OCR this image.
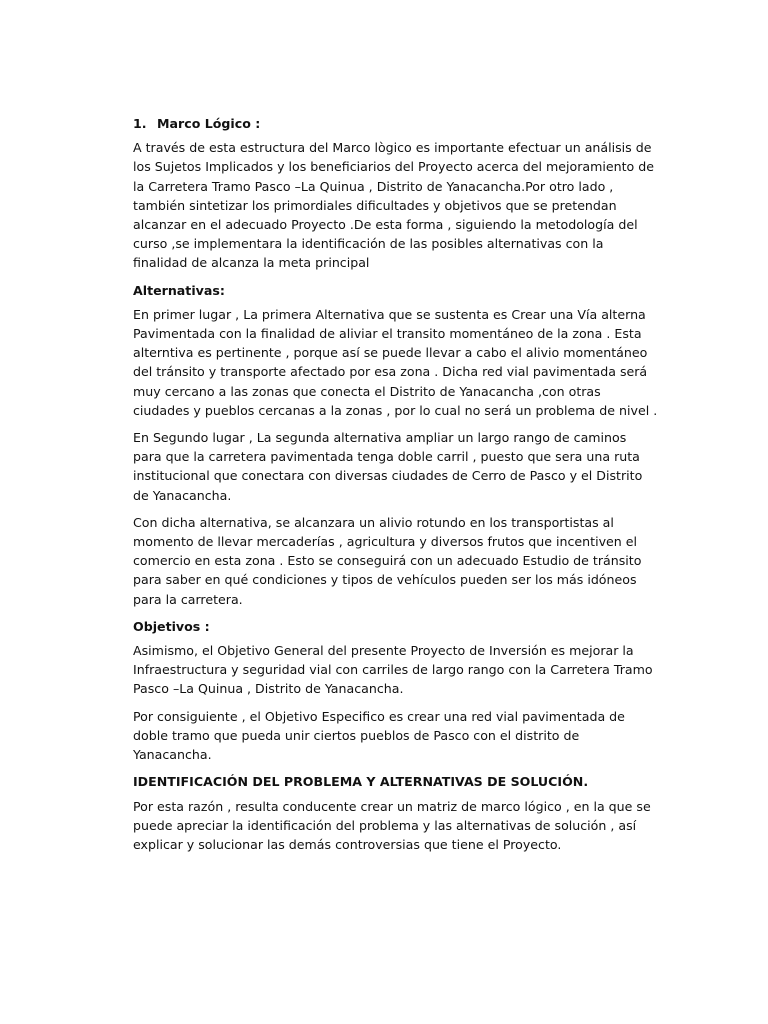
1. Marco Lógico :

A través de esta estructura del Marco lògico es importante efectuar un análisis de los Sujetos Implicados y los beneficiarios del Proyecto acerca del mejoramiento de la Carretera Tramo Pasco –La Quinua , Distrito de Yanacancha.Por otro lado , también sintetizar los primordiales dificultades y objetivos que se pretendan alcanzar en el adecuado Proyecto .De esta forma , siguiendo la metodología del curso ,se implementara la identificación de las posibles alternativas con la finalidad de alcanza la meta principal

Alternativas:

En primer lugar , La primera Alternativa que se sustenta es Crear una Vía alterna Pavimentada con la finalidad de aliviar el transito momentáneo de la zona . Esta alterntiva es pertinente , porque así se puede llevar a cabo el alivio momentáneo del tránsito y transporte afectado por esa zona . Dicha red vial pavimentada será muy cercano a las zonas que conecta el Distrito de Yanacancha ,con otras ciudades y pueblos cercanas a la zonas , por lo cual no será un problema de nivel .

En Segundo lugar , La segunda alternativa ampliar un largo rango de caminos para que la carretera pavimentada tenga doble carril , puesto que sera una ruta institucional que conectara con diversas ciudades de Cerro de Pasco y el Distrito de Yanacancha.

Con dicha alternativa, se alcanzara un alivio rotundo en los transportistas al momento de llevar mercaderías , agricultura y diversos frutos que incentiven el comercio en esta zona . Esto se conseguirá con un adecuado Estudio de tránsito para saber en qué condiciones y tipos de vehículos pueden ser los más idóneos para la carretera.

Objetivos :

Asimismo, el Objetivo General del presente Proyecto de Inversión es mejorar la Infraestructura y seguridad vial con carriles de largo rango con la Carretera Tramo Pasco –La Quinua , Distrito de Yanacancha.

Por consiguiente , el Objetivo Especifico es crear una red vial pavimentada de doble tramo que pueda unir ciertos pueblos de Pasco con el distrito de Yanacancha.

IDENTIFICACIÓN DEL PROBLEMA Y ALTERNATIVAS DE SOLUCIÓN.

Por esta razón , resulta conducente crear un matriz de marco lógico , en la que se puede apreciar la identificación del problema y las alternativas de solución , así explicar y solucionar las demás controversias que tiene el Proyecto.
